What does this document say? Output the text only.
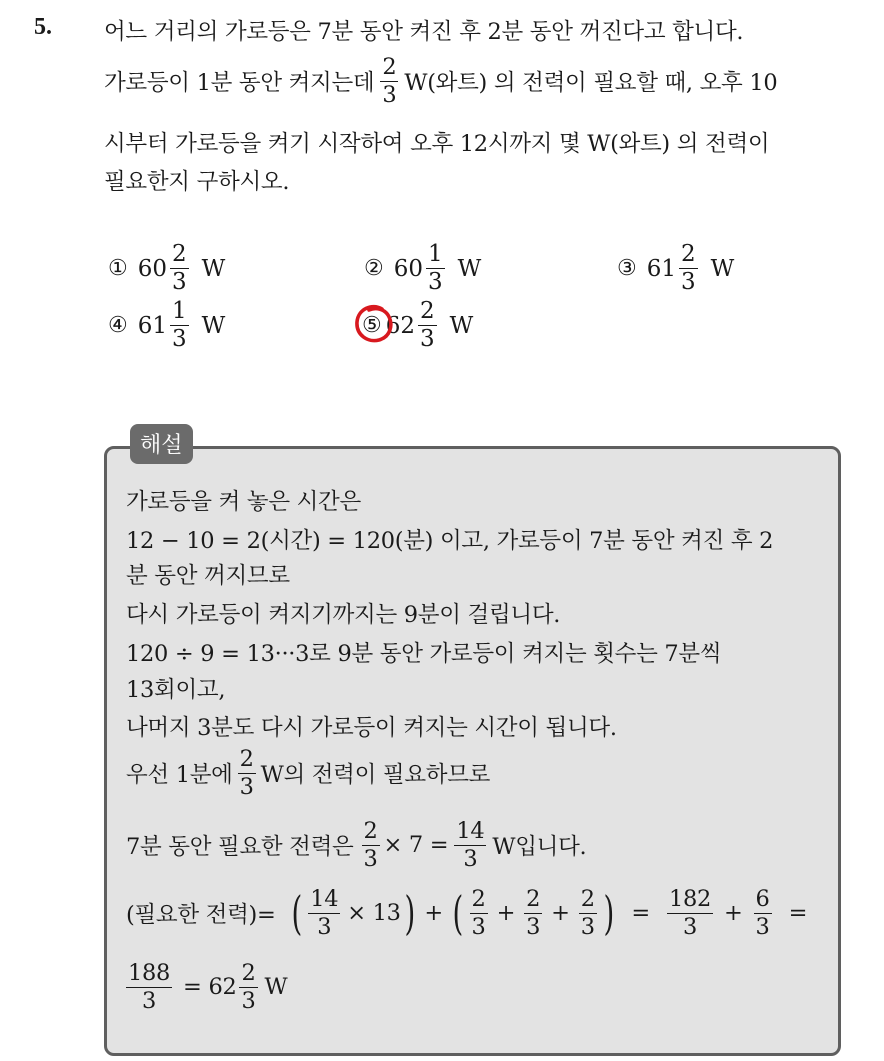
5. 어느 거리의 가로등은 7분 동안 켜진 후 2분 동안 꺼진다고 합니다.
가로등이 1분 동안 켜지는데 $\frac{2}{3} W$(와트) 의 전력이 필요할 때, 오후 10
시부터 가로등을 켜기 시작하여 오후 12시까지 몇 W(와트) 의 전력이
필요한지 구하시오.
① $60 \frac{2}{3}$ W	② $60 \frac{1}{3}$ W	③ $61 \frac{2}{3}$ W
④ $61 \frac{1}{3}$ W	⑤ $62 \frac{2}{3}$ W
해설
가로등을 켜 놓은 시간은
12 − 10 = 2(시간) = 120(분) 이고, 가로등이 7분 동안 켜진 후 2
분 동안 꺼지므로
다시 가로등이 켜지기까지는 9분이 걸립니다.
120 ÷ 9 = 13···3로 9분 동안 가로등이 켜지는 횟수는 7분씩
13회이고,
나머지 3분도 다시 가로등이 켜지는 시간이 됩니다.
우선 1분에 $\frac{2}{3}$ W의 전력이 필요하므로
7분 동안 필요한 전력은 $\frac{2}{3} \times 7 = \frac{14}{3}$ W입니다.
(필요한 전력)= ( $\frac{14}{3} \times 13$ ) + ( $\frac{2}{3} + \frac{2}{3} + \frac{2}{3}$ ) = $\frac{182}{3} + \frac{6}{3}$ =
$\frac{188}{3} = 62 \frac{2}{3}$ W
